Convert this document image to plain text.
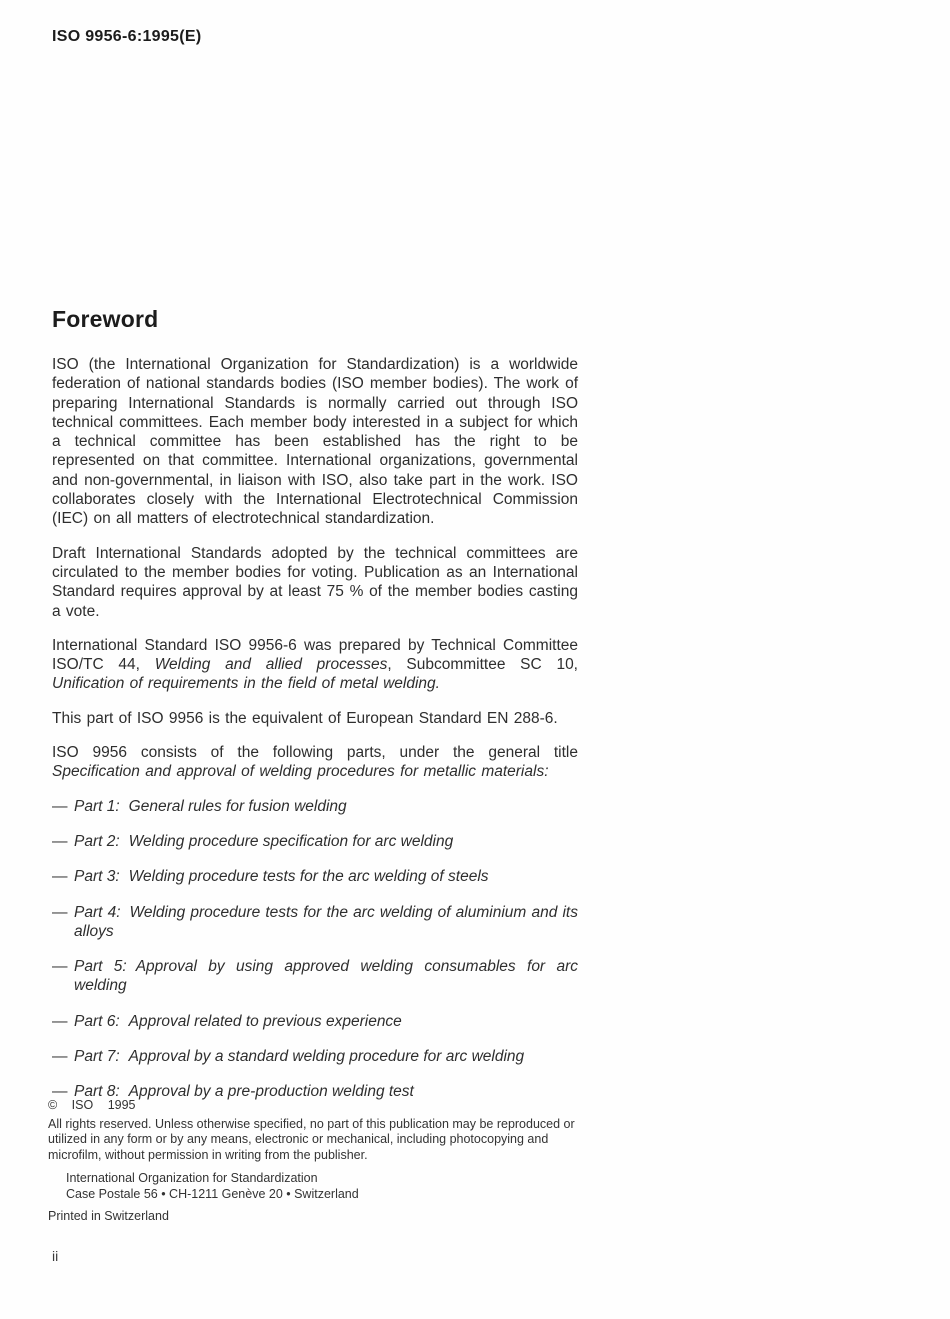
ISO 9956-6:1995(E)
Foreword

ISO (the International Organization for Standardization) is a worldwide federation of national standards bodies (ISO member bodies). The work of preparing International Standards is normally carried out through ISO technical committees. Each member body interested in a subject for which a technical committee has been established has the right to be represented on that committee. International organizations, governmental and non-governmental, in liaison with ISO, also take part in the work. ISO collaborates closely with the International Electrotechnical Commission (IEC) on all matters of electrotechnical standardization.

Draft International Standards adopted by the technical committees are circulated to the member bodies for voting. Publication as an International Standard requires approval by at least 75 % of the member bodies casting a vote.

International Standard ISO 9956-6 was prepared by Technical Committee ISO/TC 44, Welding and allied processes, Subcommittee SC 10, Unification of requirements in the field of metal welding.

This part of ISO 9956 is the equivalent of European Standard EN 288-6.

ISO 9956 consists of the following parts, under the general title Specification and approval of welding procedures for metallic materials:

— Part 1: General rules for fusion welding
— Part 2: Welding procedure specification for arc welding
— Part 3: Welding procedure tests for the arc welding of steels
— Part 4: Welding procedure tests for the arc welding of aluminium and its alloys
— Part 5: Approval by using approved welding consumables for arc welding
— Part 6: Approval related to previous experience
— Part 7: Approval by a standard welding procedure for arc welding
— Part 8: Approval by a pre-production welding test
© ISO 1995
All rights reserved. Unless otherwise specified, no part of this publication may be reproduced or utilized in any form or by any means, electronic or mechanical, including photocopying and microfilm, without permission in writing from the publisher.
International Organization for Standardization
Case Postale 56 • CH-1211 Genève 20 • Switzerland
Printed in Switzerland
ii
